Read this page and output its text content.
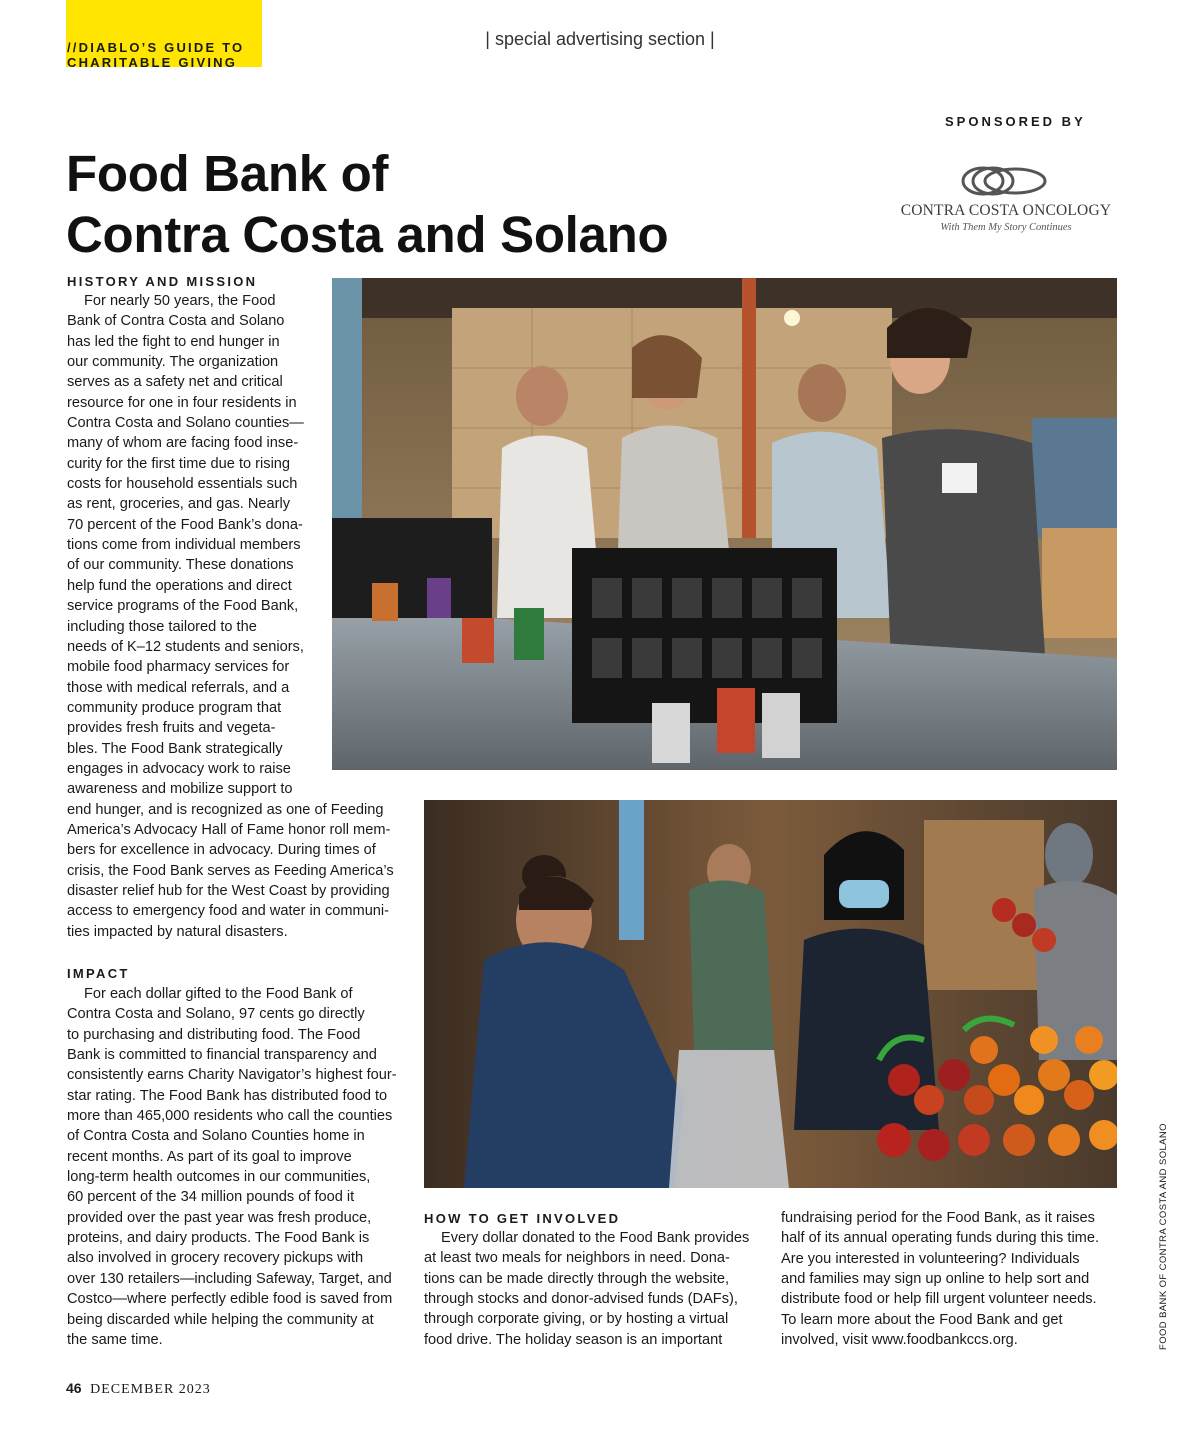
//DIABLO’S GUIDE TO
CHARITABLE GIVING
| special advertising section |
SPONSORED BY
CONTRA COSTA ONCOLOGY
With Them My Story Continues
Food Bank of
Contra Costa and Solano
HISTORY AND MISSION
For nearly 50 years, the Food
Bank of Contra Costa and Solano
has led the fight to end hunger in
our community. The organization
serves as a safety net and critical
resource for one in four residents in
Contra Costa and Solano counties—
many of whom are facing food inse-
curity for the first time due to rising
costs for household essentials such
as rent, groceries, and gas. Nearly
70 percent of the Food Bank’s dona-
tions come from individual members
of our community. These donations
help fund the operations and direct
service programs of the Food Bank,
including those tailored to the
needs of K–12 students and seniors,
mobile food pharmacy services for
those with medical referrals, and a
community produce program that
provides fresh fruits and vegeta-
bles. The Food Bank strategically
engages in advocacy work to raise
awareness and mobilize support to
end hunger, and is recognized as one of Feeding
America’s Advocacy Hall of Fame honor roll mem-
bers for excellence in advocacy. During times of
crisis, the Food Bank serves as Feeding America’s
disaster relief hub for the West Coast by providing
access to emergency food and water in communi-
ties impacted by natural disasters.
IMPACT
For each dollar gifted to the Food Bank of
Contra Costa and Solano, 97 cents go directly
to purchasing and distributing food. The Food
Bank is committed to financial transparency and
consistently earns Charity Navigator’s highest four-
star rating. The Food Bank has distributed food to
more than 465,000 residents who call the counties
of Contra Costa and Solano Counties home in
recent months. As part of its goal to improve
long-term health outcomes in our communities,
60 percent of the 34 million pounds of food it
provided over the past year was fresh produce,
proteins, and dairy products. The Food Bank is
also involved in grocery recovery pickups with
over 130 retailers—including Safeway, Target, and
Costco—where perfectly edible food is saved from
being discarded while helping the community at
the same time.
HOW TO GET INVOLVED
Every dollar donated to the Food Bank provides
at least two meals for neighbors in need. Dona-
tions can be made directly through the website,
through stocks and donor-advised funds (DAFs),
through corporate giving, or by hosting a virtual
food drive. The holiday season is an important
fundraising period for the Food Bank, as it raises
half of its annual operating funds during this time.
Are you interested in volunteering? Individuals
and families may sign up online to help sort and
distribute food or help fill urgent volunteer needs.
To learn more about the Food Bank and get
involved, visit www.foodbankccs.org.
46 DECEMBER 2023
FOOD BANK OF CONTRA COSTA AND SOLANO
